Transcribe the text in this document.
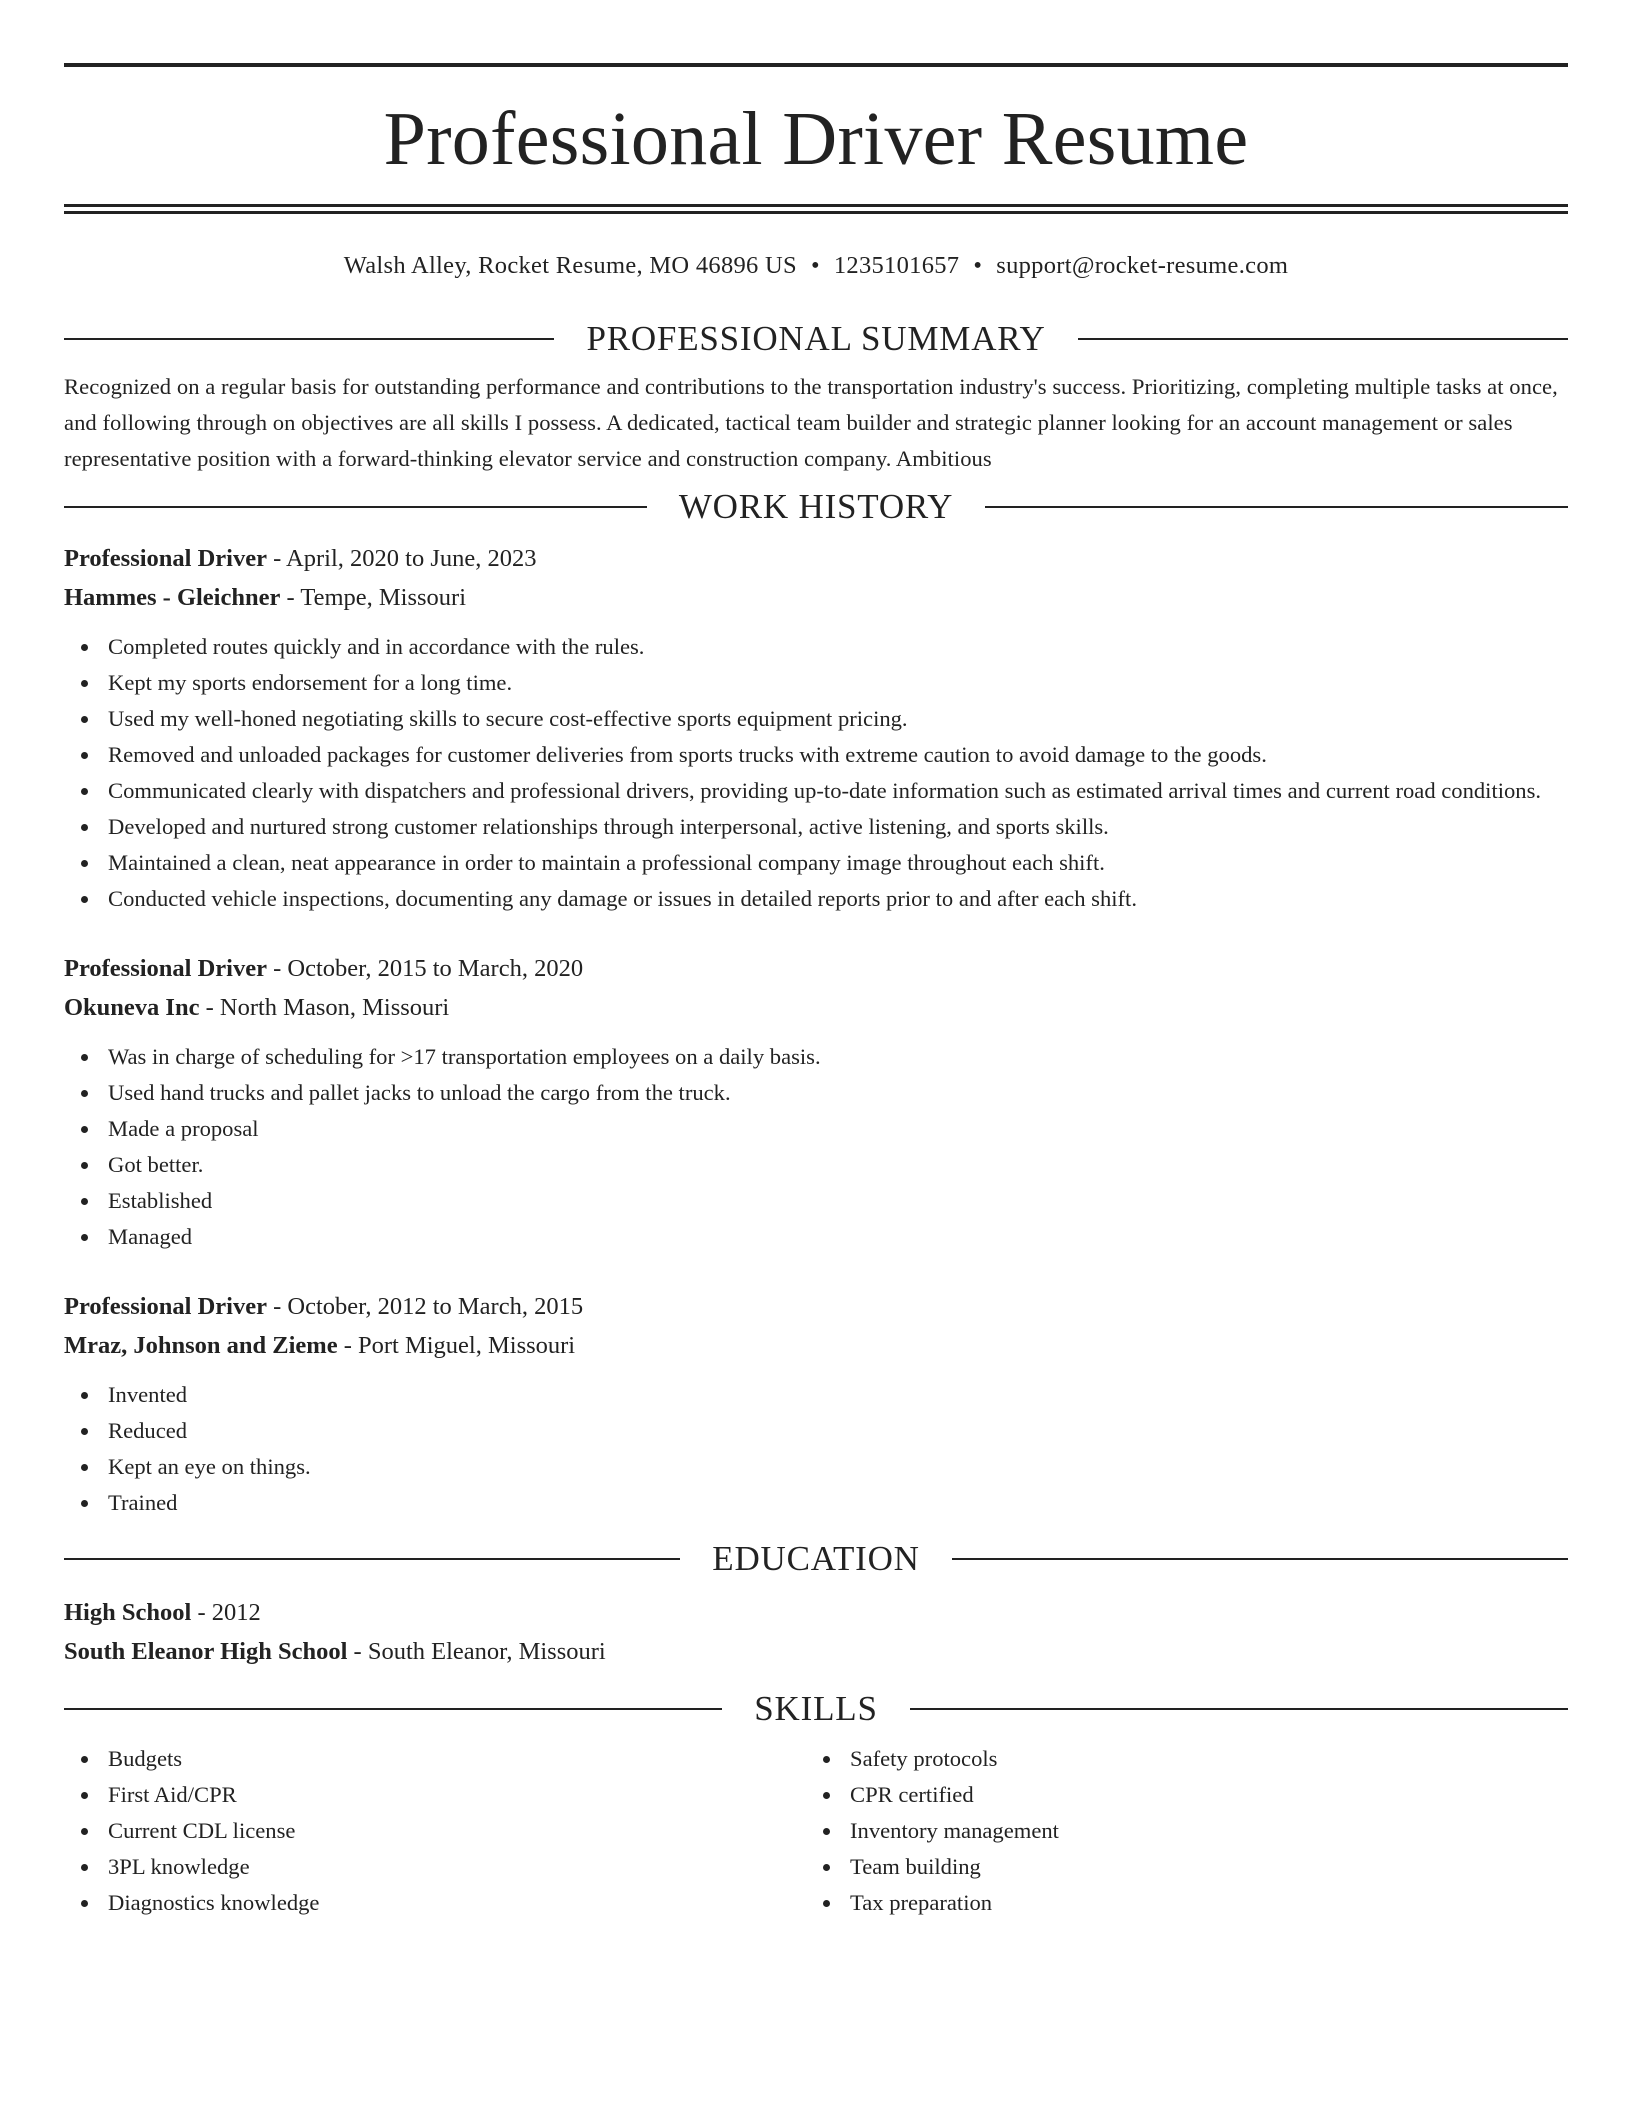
Professional Driver Resume
Walsh Alley, Rocket Resume, MO 46896 US • 1235101657 • support@rocket-resume.com
PROFESSIONAL SUMMARY

Recognized on a regular basis for outstanding performance and contributions to the transportation industry's success. Prioritizing, completing multiple tasks at once, and following through on objectives are all skills I possess. A dedicated, tactical team builder and strategic planner looking for an account management or sales representative position with a forward-thinking elevator service and construction company. Ambitious

WORK HISTORY
Professional Driver - April, 2020 to June, 2023
Hammes - Gleichner - Tempe, Missouri
Completed routes quickly and in accordance with the rules.
Kept my sports endorsement for a long time.
Used my well-honed negotiating skills to secure cost-effective sports equipment pricing.
Removed and unloaded packages for customer deliveries from sports trucks with extreme caution to avoid damage to the goods.
Communicated clearly with dispatchers and professional drivers, providing up-to-date information such as estimated arrival times and current road conditions.
Developed and nurtured strong customer relationships through interpersonal, active listening, and sports skills.
Maintained a clean, neat appearance in order to maintain a professional company image throughout each shift.
Conducted vehicle inspections, documenting any damage or issues in detailed reports prior to and after each shift.
Professional Driver - October, 2015 to March, 2020
Okuneva Inc - North Mason, Missouri
Was in charge of scheduling for >17 transportation employees on a daily basis.
Used hand trucks and pallet jacks to unload the cargo from the truck.
Made a proposal
Got better.
Established
Managed
Professional Driver - October, 2012 to March, 2015
Mraz, Johnson and Zieme - Port Miguel, Missouri
Invented
Reduced
Kept an eye on things.
Trained
EDUCATION
High School - 2012
South Eleanor High School - South Eleanor, Missouri
SKILLS
Budgets
First Aid/CPR
Current CDL license
3PL knowledge
Diagnostics knowledge
Safety protocols
CPR certified
Inventory management
Team building
Tax preparation
